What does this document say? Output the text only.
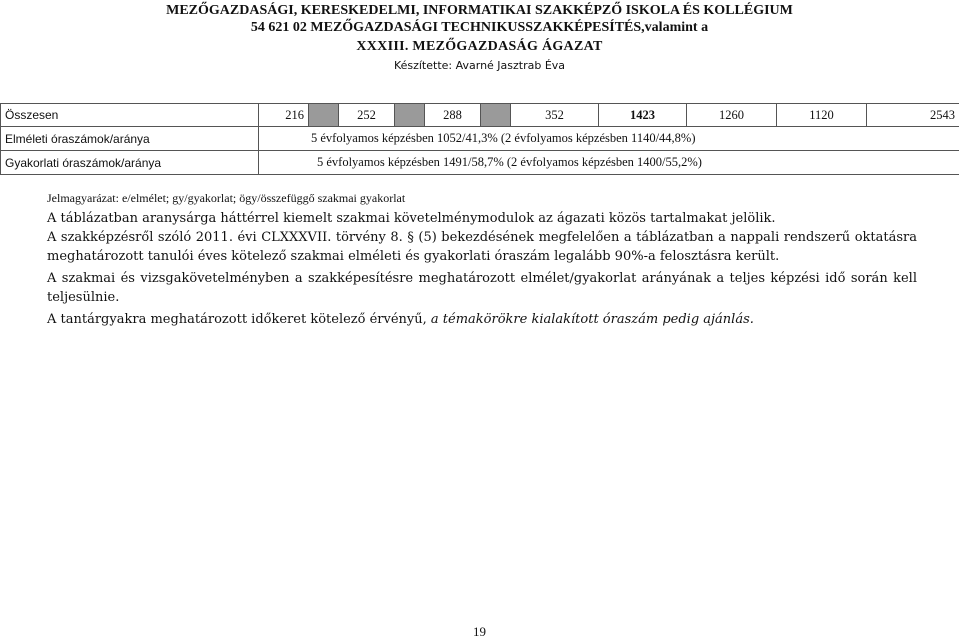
MEZŐGAZDASÁGI, KERESKEDELMI, INFORMATIKAI SZAKKÉPZŐ ISKOLA ÉS KOLLÉGIUM
54 621 02 MEZŐGAZDASÁGI TECHNIKUSSZAKKÉPESÍTÉS,valamint a
XXXIII. MEZŐGAZDASÁG ÁGAZAT
Készítette: Avarné Jasztrab Éva
Összesen	216		252		288		352	1423	1260	1120	2543
Elméleti óraszámok/aránya	5 évfolyamos képzésben 1052/41,3% (2 évfolyamos képzésben 1140/44,8%)										
Gyakorlati óraszámok/aránya	5 évfolyamos képzésben 1491/58,7% (2 évfolyamos képzésben 1400/55,2%)										
Jelmagyarázat: e/elmélet; gy/gyakorlat; ögy/összefüggő szakmai gyakorlat
A táblázatban aranysárga háttérrel kiemelt szakmai követelménymodulok az ágazati közös tartalmakat jelölik.
A szakképzésről szóló 2011. évi CLXXXVII. törvény 8. § (5) bekezdésének megfelelően a táblázatban a nappali rendszerű oktatásra meghatározott tanulói éves kötelező szakmai elméleti és gyakorlati óraszám legalább 90%-a felosztásra került.
A szakmai és vizsgakövetelményben a szakképesítésre meghatározott elmélet/gyakorlat arányának a teljes képzési idő során kell teljesülnie.
A tantárgyakra meghatározott időkeret kötelező érvényű, a témakörökre kialakított óraszám pedig ajánlás.
19
